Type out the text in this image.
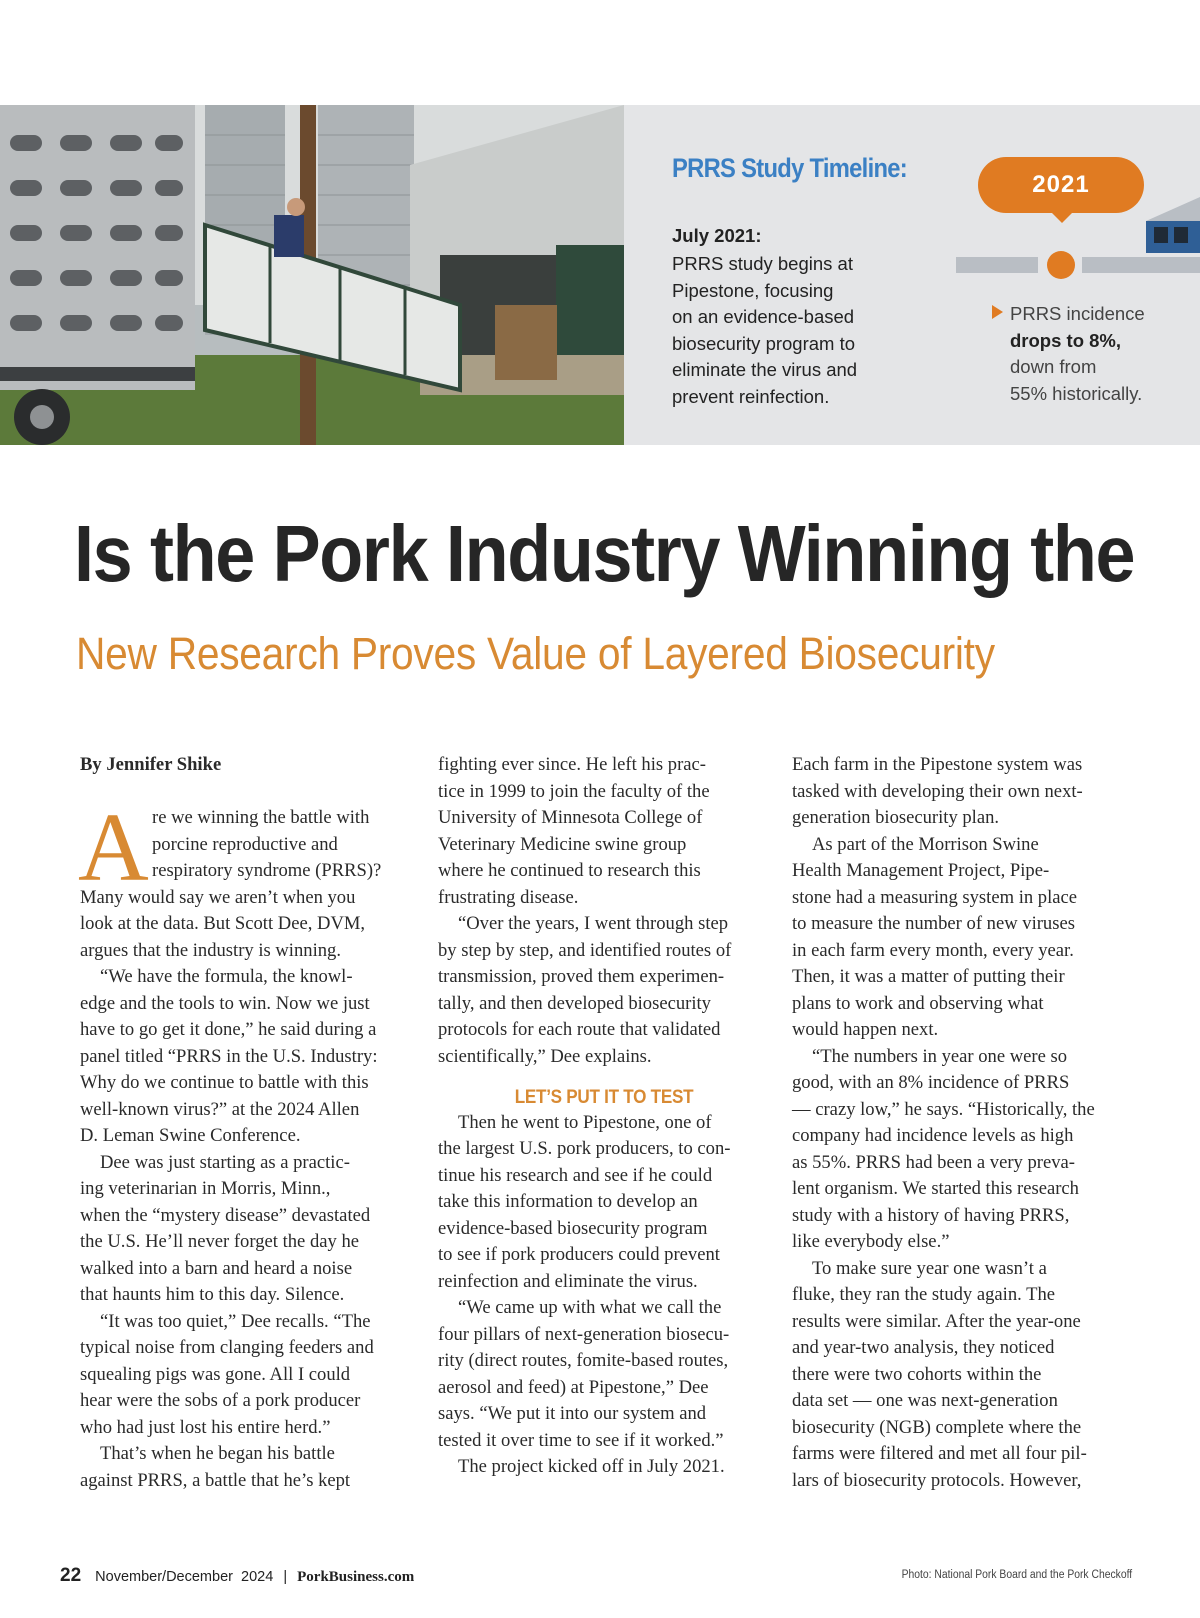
PRRS Study Timeline:
July 2021:
PRRS study begins at
Pipestone, focusing
on an evidence-based
biosecurity program to
eliminate the virus and
prevent reinfection.
2021
PRRS incidence
drops to 8%,
down from
55% historically.
Is the Pork Industry Winning the
New Research Proves Value of Layered Biosecurity
By Jennifer Shike
A re we winning the battle with
porcine reproductive and
respiratory syndrome (PRRS)?
Many would say we aren’t when you
look at the data. But Scott Dee, DVM,
argues that the industry is winning.
“We have the formula, the knowl-
edge and the tools to win. Now we just
have to go get it done,” he said during a
panel titled “PRRS in the U.S. Industry:
Why do we continue to battle with this
well-known virus?” at the 2024 Allen
D. Leman Swine Conference.
Dee was just starting as a practic-
ing veterinarian in Morris, Minn.,
when the “mystery disease” devastated
the U.S. He’ll never forget the day he
walked into a barn and heard a noise
that haunts him to this day. Silence.
“It was too quiet,” Dee recalls. “The
typical noise from clanging feeders and
squealing pigs was gone. All I could
hear were the sobs of a pork producer
who had just lost his entire herd.”
That’s when he began his battle
against PRRS, a battle that he’s kept
fighting ever since. He left his prac-
tice in 1999 to join the faculty of the
University of Minnesota College of
Veterinary Medicine swine group
where he continued to research this
frustrating disease.
“Over the years, I went through step
by step by step, and identified routes of
transmission, proved them experimen-
tally, and then developed biosecurity
protocols for each route that validated
scientifically,” Dee explains.
LET’S PUT IT TO TEST
Then he went to Pipestone, one of
the largest U.S. pork producers, to con-
tinue his research and see if he could
take this information to develop an
evidence-based biosecurity program
to see if pork producers could prevent
reinfection and eliminate the virus.
“We came up with what we call the
four pillars of next-generation biosecu-
rity (direct routes, fomite-based routes,
aerosol and feed) at Pipestone,” Dee
says. “We put it into our system and
tested it over time to see if it worked.”
The project kicked off in July 2021.
Each farm in the Pipestone system was
tasked with developing their own next-
generation biosecurity plan.
As part of the Morrison Swine
Health Management Project, Pipe-
stone had a measuring system in place
to measure the number of new viruses
in each farm every month, every year.
Then, it was a matter of putting their
plans to work and observing what
would happen next.
“The numbers in year one were so
good, with an 8% incidence of PRRS
— crazy low,” he says. “Historically, the
company had incidence levels as high
as 55%. PRRS had been a very preva-
lent organism. We started this research
study with a history of having PRRS,
like everybody else.”
To make sure year one wasn’t a
fluke, they ran the study again. The
results were similar. After the year-one
and year-two analysis, they noticed
there were two cohorts within the
data set — one was next-generation
biosecurity (NGB) complete where the
farms were filtered and met all four pil-
lars of biosecurity protocols. However,
22 November/December  2024 | PorkBusiness.com	Photo: National Pork Board and the Pork Checkoff
